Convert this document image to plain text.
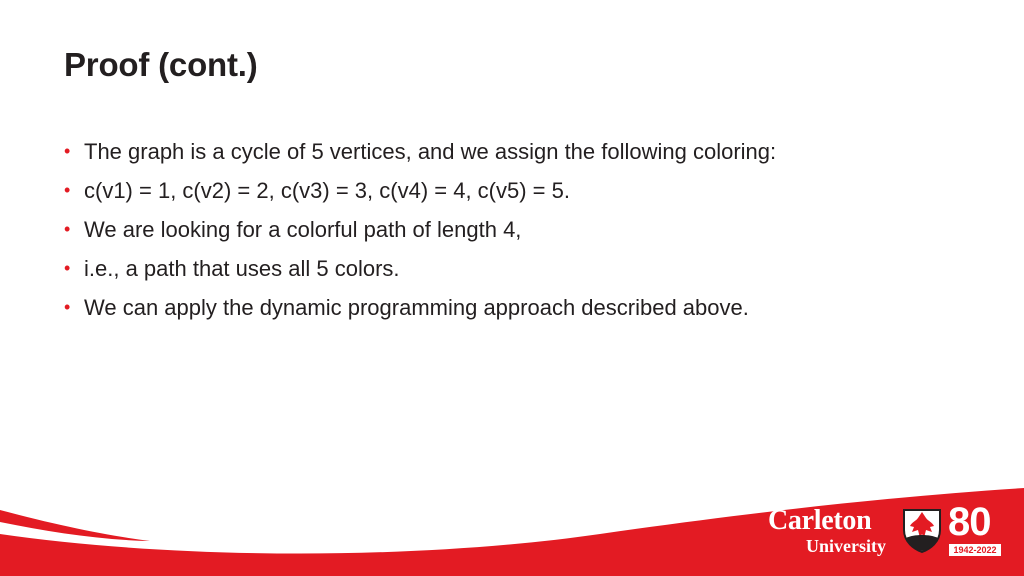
Proof (cont.)
• The graph is a cycle of 5 vertices, and we assign the following coloring:
• c(v1) = 1, c(v2) = 2, c(v3) = 3, c(v4) = 4, c(v5) = 5.
• We are looking for a colorful path of length 4,
• i.e., a path that uses all 5 colors.
• We can apply the dynamic programming approach described above.
Carleton
University
80
1942-2022
